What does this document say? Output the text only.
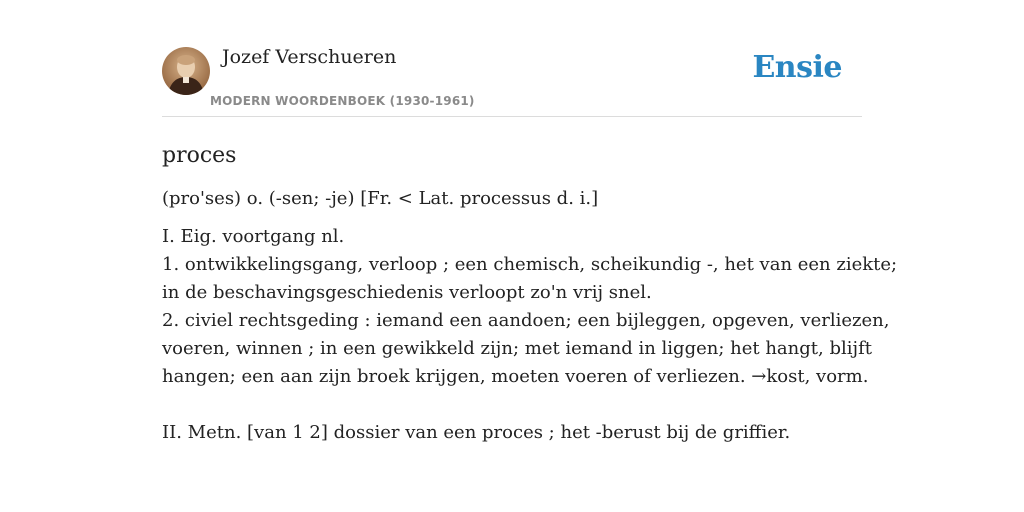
Jozef Verschueren
MODERN WOORDENBOEK (1930-1961)
Ensie
proces
(pro'ses) o. (-sen; -je) [Fr. < Lat. processus d. i.]
I. Eig. voortgang nl.
1. ontwikkelingsgang, verloop ; een chemisch, scheikundig -, het van een ziekte;
in de beschavingsgeschiedenis verloopt zo'n vrij snel.
2. civiel rechtsgeding : iemand een aandoen; een bijleggen, opgeven, verliezen,
voeren, winnen ; in een gewikkeld zijn; met iemand in liggen; het hangt, blijft
hangen; een aan zijn broek krijgen, moeten voeren of verliezen. →kost, vorm.
II. Metn. [van 1 2] dossier van een proces ; het -berust bij de griffier.
